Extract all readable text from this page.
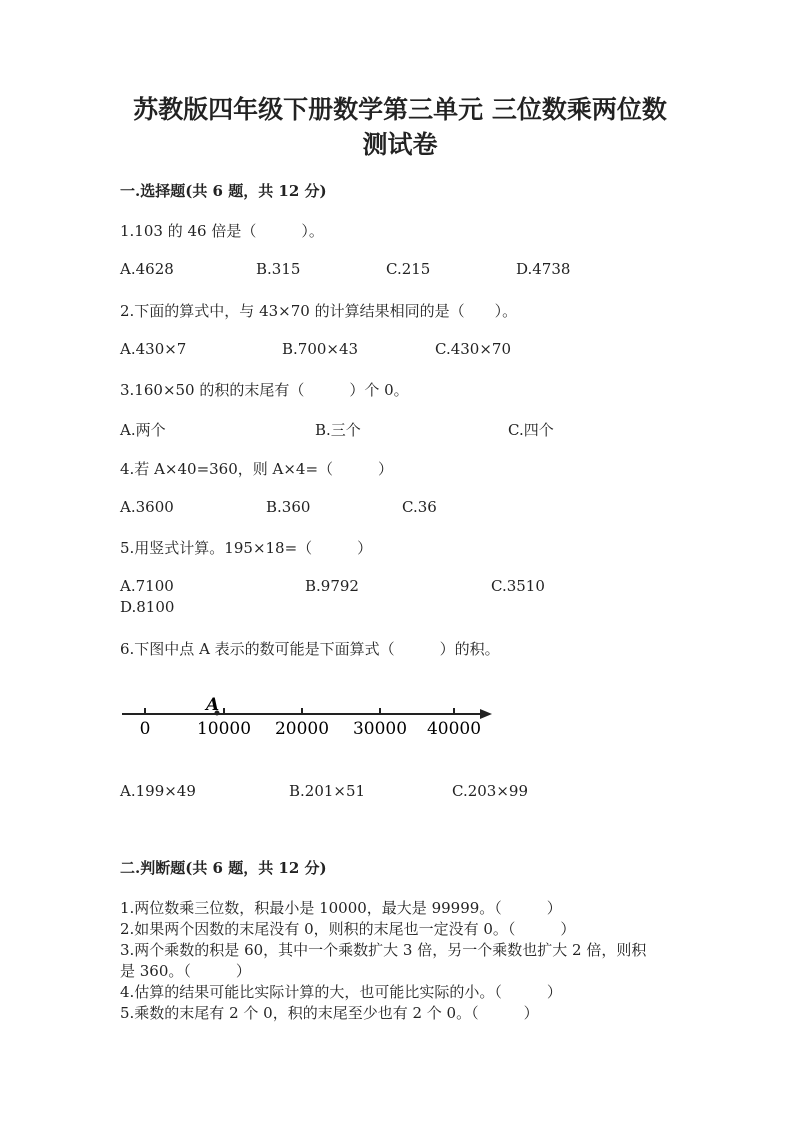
苏教版四年级下册数学第三单元 三位数乘两位数
测试卷
一.选择题(共 6 题，共 12 分)
1.103 的 46 倍是（　　　）。
A.4628	B.315	C.215	D.4738
2.下面的算式中，与 43×70 的计算结果相同的是（　　）。
A.430×7	B.700×43	C.430×70
3.160×50 的积的末尾有（　　　）个 0。
A.两个	B.三个	C.四个
4.若 A×40=360，则 A×4=（　　　）
A.3600	B.360	C.36
5.用竖式计算。195×18=（　　　）
A.7100	B.9792	C.3510
D.8100
6.下图中点 A 表示的数可能是下面算式（　　　）的积。
A
0	10000 20000 30000 40000
A.199×49	B.201×51	C.203×99
二.判断题(共 6 题，共 12 分)
1.两位数乘三位数，积最小是 10000，最大是 99999。（　　　）
2.如果两个因数的末尾没有 0，则积的末尾也一定没有 0。（　　　）
3.两个乘数的积是 60，其中一个乘数扩大 3 倍，另一个乘数也扩大 2 倍，则积
是 360。（　　　）
4.估算的结果可能比实际计算的大，也可能比实际的小。（　　　）
5.乘数的末尾有 2 个 0，积的末尾至少也有 2 个 0。（　　　）
